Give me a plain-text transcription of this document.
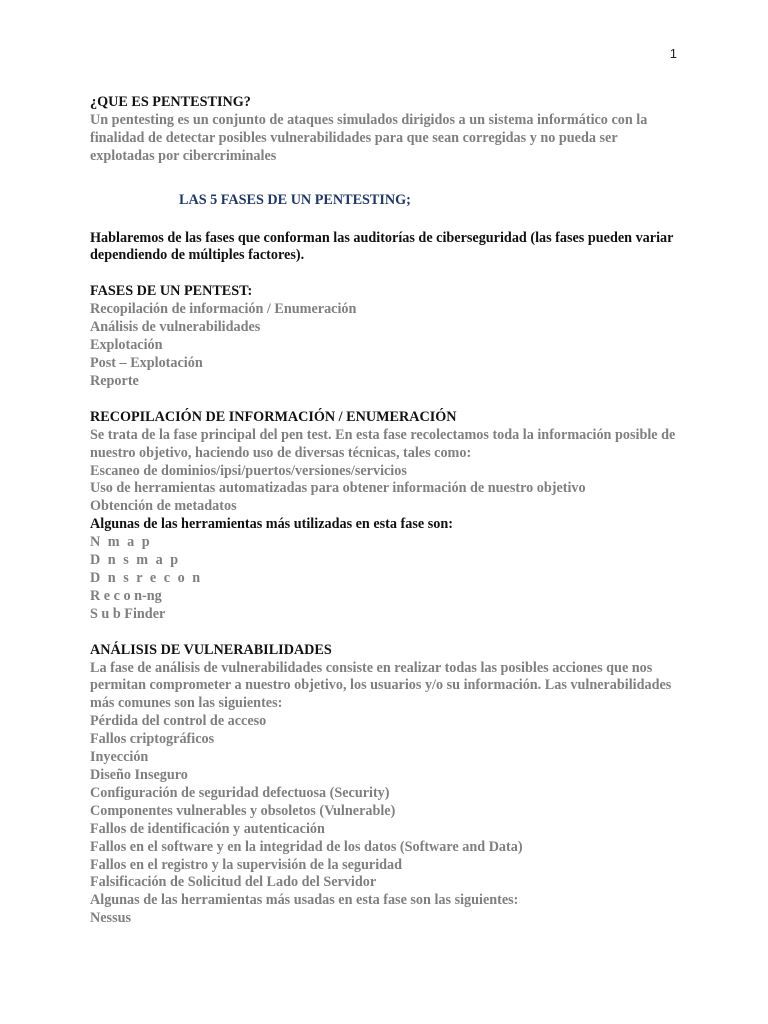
1

¿QUE ES PENTESTING?

Un pentesting es un conjunto de ataques simulados dirigidos a un sistema informático con la finalidad de detectar posibles vulnerabilidades para que sean corregidas y no pueda ser explotadas por cibercriminales

LAS 5 FASES DE UN PENTESTING;

Hablaremos de las fases que conforman las auditorías de ciberseguridad (las fases pueden variar dependiendo de múltiples factores).

FASES DE UN PENTEST:

Recopilación de información / Enumeración
Análisis de vulnerabilidades
Explotación
Post – Explotación
Reporte

RECOPILACIÓN DE INFORMACIÓN / ENUMERACIÓN

Se trata de la fase principal del pen test. En esta fase recolectamos toda la información posible de nuestro objetivo, haciendo uso de diversas técnicas, tales como:

Escaneo de dominios/ipsi/puertos/versiones/servicios
Uso de herramientas automatizadas para obtener información de nuestro objetivo
Obtención de metadatos

Algunas de las herramientas más utilizadas en esta fase son:

N m a p
D n s m a p
D n s r e c o n
R e c o n-ng
S u b Finder

ANÁLISIS DE VULNERABILIDADES

La fase de análisis de vulnerabilidades consiste en realizar todas las posibles acciones que nos permitan comprometer a nuestro objetivo, los usuarios y/o su información. Las vulnerabilidades más comunes son las siguientes:

Pérdida del control de acceso
Fallos criptográficos
Inyección
Diseño Inseguro
Configuración de seguridad defectuosa (Security)
Componentes vulnerables y obsoletos (Vulnerable)
Fallos de identificación y autenticación
Fallos en el software y en la integridad de los datos (Software and Data)
Fallos en el registro y la supervisión de la seguridad
Falsificación de Solicitud del Lado del Servidor
Algunas de las herramientas más usadas en esta fase son las siguientes:
Nessus
